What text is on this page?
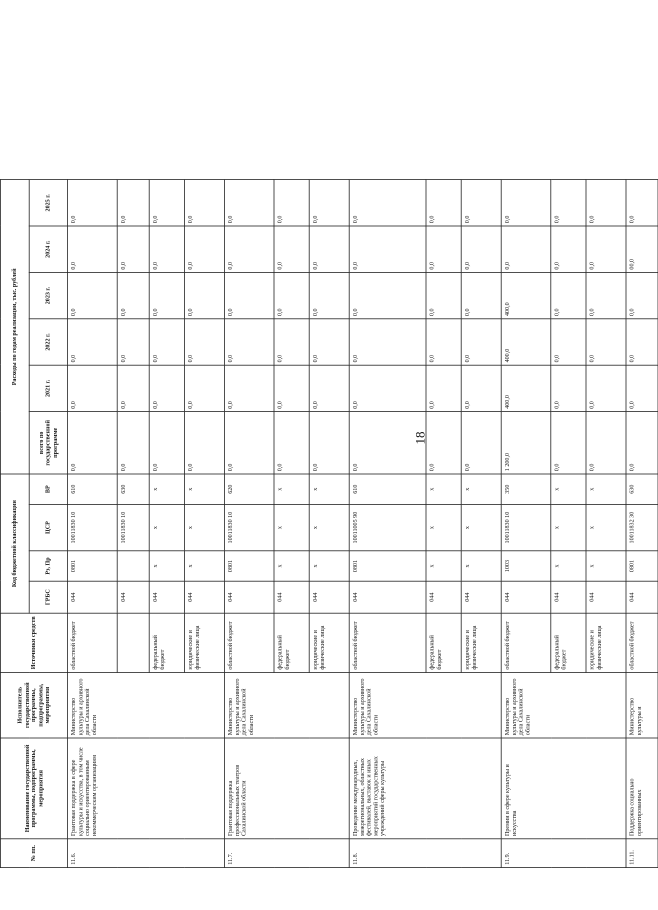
18
№ пп.	Наименование государственной программы, подпрограммы, мероприятия	Исполнитель государственной программы, подпрограммы, мероприятия	Источники средств	Код бюджетной классификации				Расходы по годам реализации, тыс. рублей					
				ГРБС	Рз, Пр	ЦСР	ВР	всего по государственной программе	2021 г.	2022 г.	2023 г.	2024 г.	2025 г.
11.6.	Грантовая поддержка в сфере культуры и искусства, в том числе социально ориентированным некоммерческим организациям	Министерство культуры и архивного дела Сахалинской области	областной бюджет	044	0801	10011830 10	610	0,0	0,0	0,0	0,0	0,0	0,0
				044		10011830 10	630	0,0	0,0	0,0	0,0	0,0	0,0
			федеральный бюджет	044	х	х	х	0,0	0,0	0,0	0,0	0,0	0,0
			юридические и физические лица	044	х	х	х	0,0	0,0	0,0	0,0	0,0	0,0
11.7.	Грантовая поддержка профессиональных театров Сахалинской области	Министерство культуры и архивного дела Сахалинской области	областной бюджет	044	0801	10011830 10	620	0,0	0,0	0,0	0,0	0,0	0,0
			федеральный бюджет	044	х	х	х	0,0	0,0	0,0	0,0	0,0	0,0
			юридические и физические лица	044	х	х	х	0,0	0,0	0,0	0,0	0,0	0,0
11.8.	Проведение международных, межрегиональных, областных фестивалей, выставок и иных мероприятий государственных учреждений сферы культуры	Министерство культуры и архивного дела Сахалинской области	областной бюджет	044	0801	10011005 90	610	0,0	0,0	0,0	0,0	0,0	0,0
			федеральный бюджет	044	х	х	х	0,0	0,0	0,0	0,0	0,0	0,0
			юридические и физические лица	044	х	х	х	0,0	0,0	0,0	0,0	0,0	0,0
11.9.	Премии в сфере культуры и искусства	Министерство культуры и архивного дела Сахалинской области	областной бюджет	044	1003	10011830 10	350	1 200,0	400,0	400,0	400,0	0,0	0,0
			федеральный бюджет	044	х	х	х	0,0	0,0	0,0	0,0	0,0	0,0
			юридические и физические лица	044	х	х	х	0,0	0,0	0,0	0,0	0,0	0,0
11.11.	Поддержка социально ориентированных	Министерство культуры и	областной бюджет	044	0801	10011832 30	630	0,0	0,0	0,0	0,0	00,0	0,0
